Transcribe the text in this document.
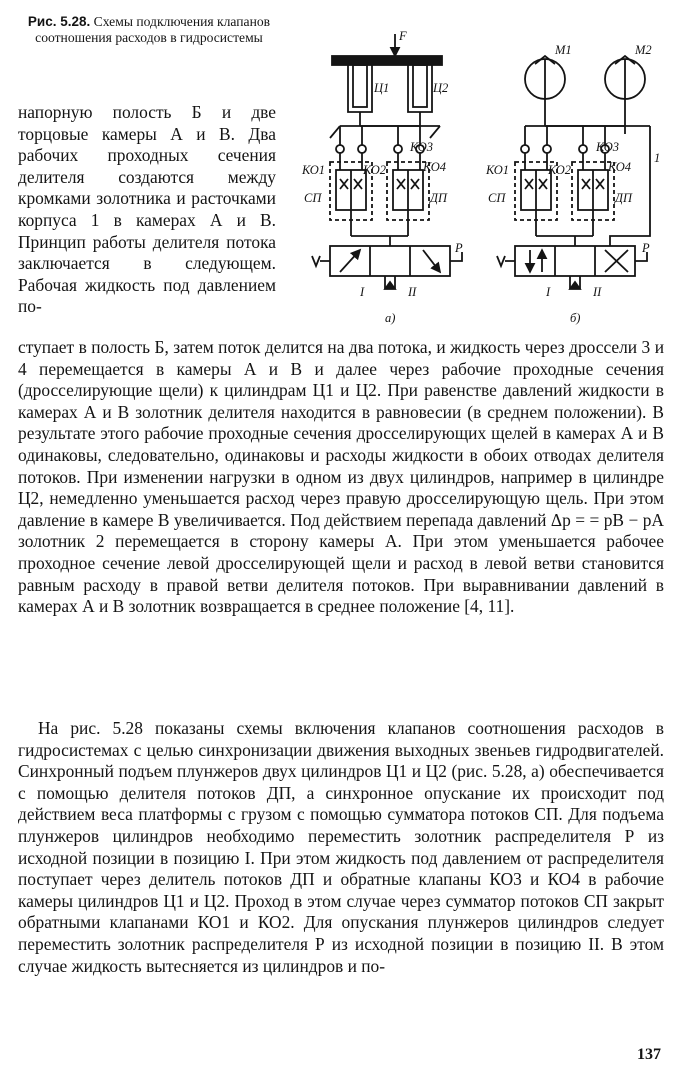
Рис. 5.28. Схемы подключения клапанов соотношения расходов в гидросистемы	F
Ц1	Ц2
КО1	КО2
КО3
КО4
СП	ДП
Р
I	II
а)
М1	М2
КО1	КО2
КО3
КО4
СП	ДП
Р
1
I	II
б)
напорную полость Б и две торцовые камеры А и В. Два рабочих проходных сечения делителя создаются между кромками золотника и расточками корпуса 1 в камерах А и В. Принцип работы делителя потока заключается в следующем. Рабочая жидкость под давлением по-
ступает в полость Б, затем поток делится на два потока, и жидкость через дроссели 3 и 4 перемещается в камеры А и В и далее через рабочие проходные сечения (дросселирующие щели) к цилиндрам Ц1 и Ц2. При равенстве давлений жидкости в камерах А и В золотник делителя находится в равновесии (в среднем положении). В результате этого рабочие проходные сечения дросселирующих щелей в камерах А и В одинаковы, следовательно, одинаковы и расходы жидкости в обоих отводах делителя потоков. При изменении нагрузки в одном из двух цилиндров, например в цилиндре Ц2, немедленно уменьшается расход через правую дросселирующую щель. При этом давление в камере В увеличивается. Под действием перепада давлений Δp = = pB − pA золотник 2 перемещается в сторону камеры А. При этом уменьшается рабочее проходное сечение левой дросселирующей щели и расход в левой ветви становится равным расходу в правой ветви делителя потоков. При выравнивании давлений в камерах А и В золотник возвращается в среднее положение [4, 11].
На рис. 5.28 показаны схемы включения клапанов соотношения расходов в гидросистемах с целью синхронизации движения выходных звеньев гидродвигателей. Синхронный подъем плунжеров двух цилиндров Ц1 и Ц2 (рис. 5.28, а) обеспечивается с помощью делителя потоков ДП, а синхронное опускание их происходит под действием веса платформы с грузом с помощью сумматора потоков СП. Для подъема плунжеров цилиндров необходимо переместить золотник распределителя Р из исходной позиции в позицию I. При этом жидкость под давлением от распределителя поступает через делитель потоков ДП и обратные клапаны КО3 и КО4 в рабочие камеры цилиндров Ц1 и Ц2. Проход в этом случае через сумматор потоков СП закрыт обратными клапанами КО1 и КО2. Для опускания плунжеров цилиндров следует переместить золотник распределителя Р из исходной позиции в позицию II. В этом случае жидкость вытесняется из цилиндров и по-
137
